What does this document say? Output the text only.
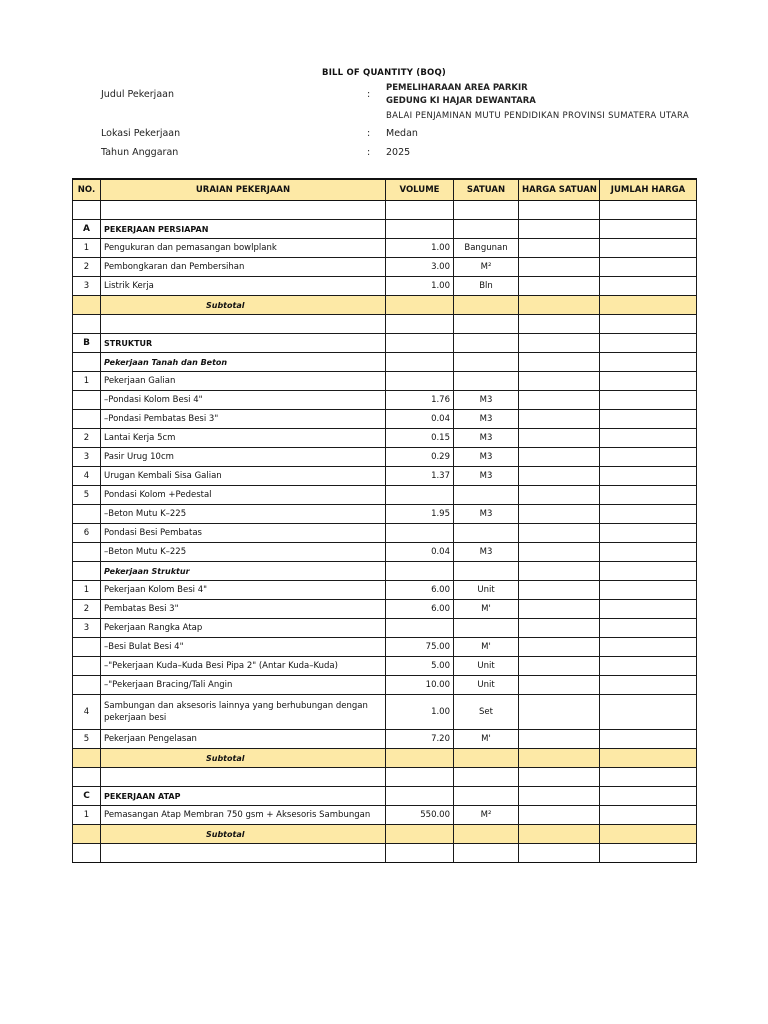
BILL OF QUANTITY (BOQ)
Judul Pekerjaan	:
PEMELIHARAAN AREA PARKIR
GEDUNG KI HAJAR DEWANTARA
BALAI PENJAMINAN MUTU PENDIDIKAN PROVINSI SUMATERA UTARA
Lokasi Pekerjaan	: Medan
Tahun Anggaran	: 2025
NO.	URAIAN PEKERJAAN	VOLUME	SATUAN	HARGA SATUAN	JUMLAH HARGA

A	PEKERJAAN PERSIAPAN				
1	Pengukuran dan pemasangan bowlplank	1.00	Bangunan		
2	Pembongkaran dan Pembersihan	3.00	M²		
3	Listrik Kerja	1.00	Bln		
	Subtotal				

B	STRUKTUR				
	Pekerjaan Tanah dan Beton				
1	Pekerjaan Galian				
	–Pondasi Kolom Besi 4"	1.76	M3		
	–Pondasi Pembatas Besi 3"	0.04	M3		
2	Lantai Kerja 5cm	0.15	M3		
3	Pasir Urug 10cm	0.29	M3		
4	Urugan Kembali Sisa Galian	1.37	M3		
5	Pondasi Kolom +Pedestal				
	–Beton Mutu K–225	1.95	M3		
6	Pondasi Besi Pembatas				
	–Beton Mutu K–225	0.04	M3		
	Pekerjaan Struktur				
1	Pekerjaan Kolom Besi 4"	6.00	Unit		
2	Pembatas Besi 3"	6.00	M'		
3	Pekerjaan Rangka Atap				
	–Besi Bulat Besi 4"	75.00	M'		
	–"Pekerjaan Kuda–Kuda Besi Pipa 2" (Antar Kuda–Kuda)	5.00	Unit		
	–"Pekerjaan Bracing/Tali Angin	10.00	Unit		
4	Sambungan dan aksesoris lainnya yang berhubungan dengan pekerjaan besi	1.00	Set		
5	Pekerjaan Pengelasan	7.20	M'		
	Subtotal				

C	PEKERJAAN ATAP				
1	Pemasangan Atap Membran 750 gsm + Aksesoris Sambungan	550.00	M²		
	Subtotal				
